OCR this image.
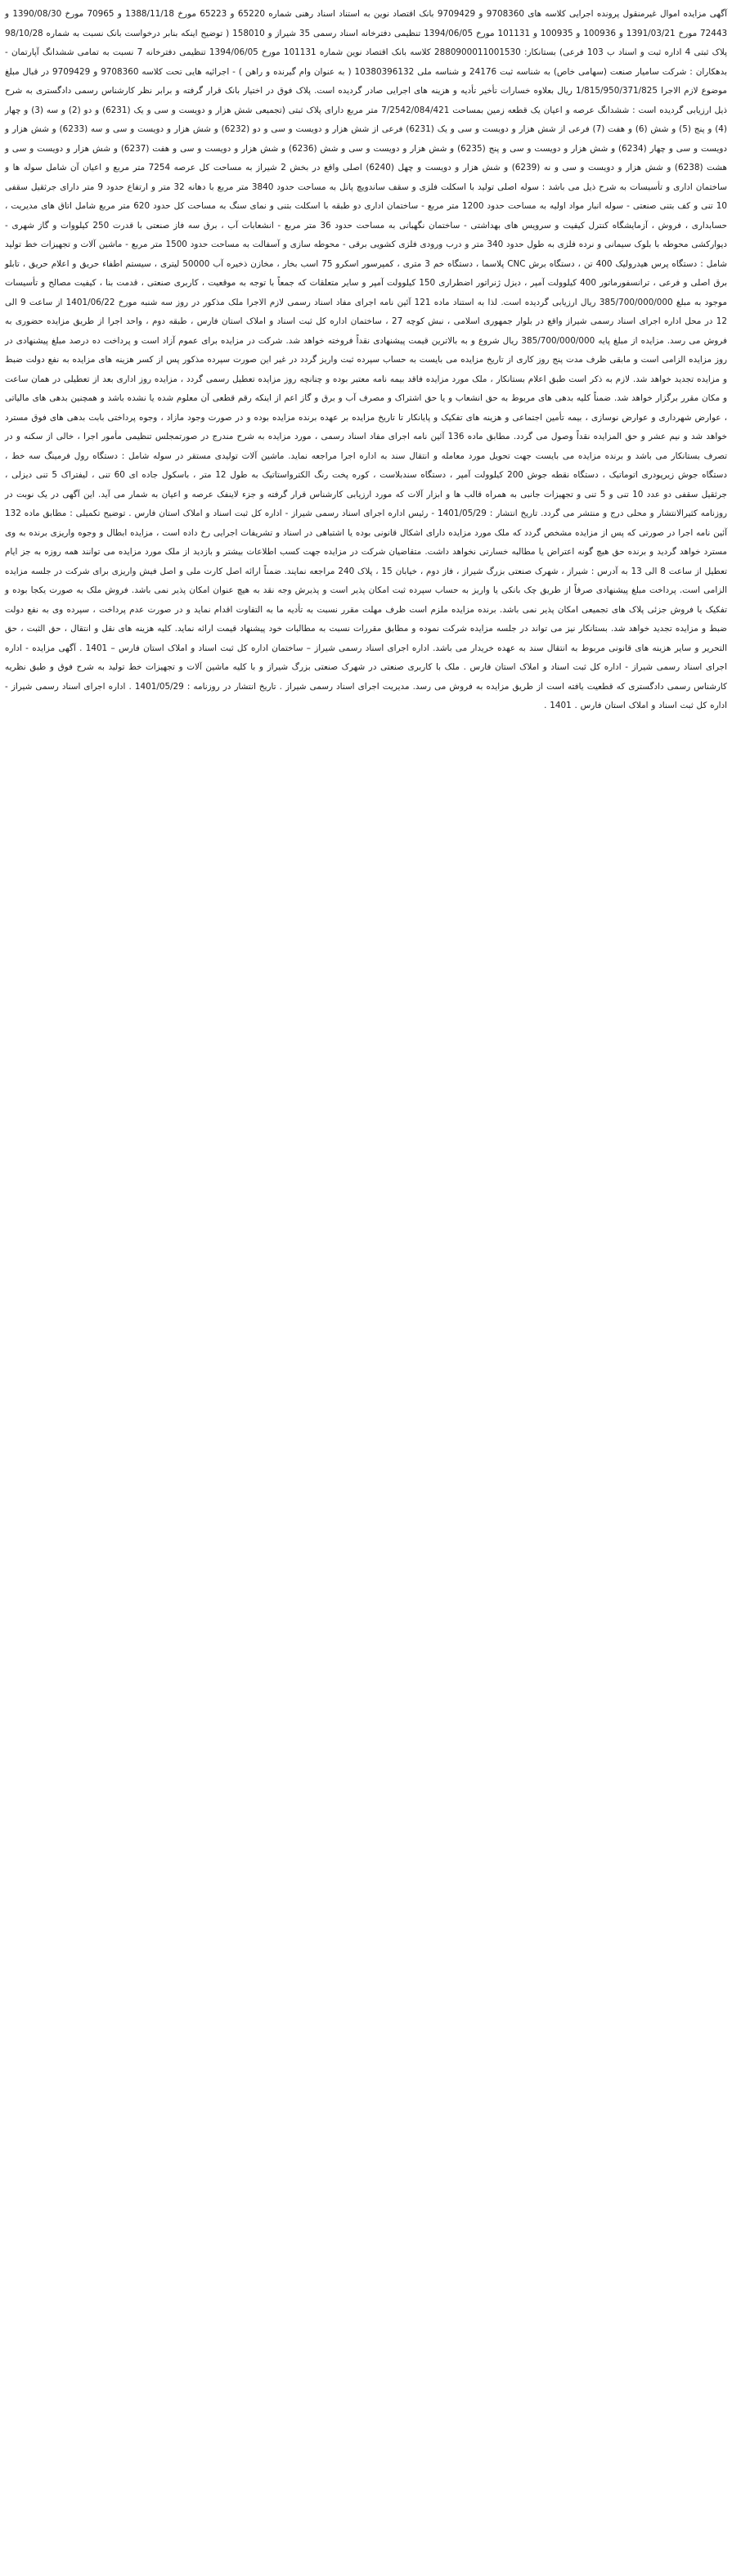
آگهی مزایده اموال غیرمنقول پرونده اجرایی کلاسه های 9708360 و 9709429 بانک اقتصاد نوین به استناد اسناد رهنی شماره 65220 و 65223 مورخ 1388/11/18 و 70965 مورخ 1390/08/30 و 72443 مورخ 1391/03/21 و 100936 و 100935 و 101131 مورخ 1394/06/05 تنظیمی دفترخانه اسناد رسمی 35 شیراز و 158010 ( توضیح اینکه بنابر درخواست بانک نسبت به شماره 98/10/28 پلاک ثبتی 4 اداره ثبت و اسناد ب 103 فرعی) بستانکار: 2880900011001530 کلاسه بانک اقتصاد نوین شماره 101131 مورخ 1394/06/05 تنظیمی دفترخانه 7 نسبت به تمامی ششدانگ آپارتمان - بدهکاران : شرکت سامیار صنعت (سهامی خاص) به شناسه ثبت 24176 و شناسه ملی 10380396132 ( به عنوان وام گیرنده و راهن ) - اجرائیه هایی تحت کلاسه 9708360 و 9709429 در قبال مبلغ موضوع لازم الاجرا 1/815/950/371/825 ریال بعلاوه خسارات تأخیر تأدیه و هزینه های اجرایی صادر گردیده است. پلاک فوق در اختیار بانک قرار گرفته و برابر نظر کارشناس رسمی دادگستری به شرح ذیل ارزیابی گردیده است : ششدانگ عرصه و اعیان یک قطعه زمین بمساحت 7/2542/084/421 متر مربع دارای پلاک ثبتی (تجمیعی شش هزار و دویست و سی و یک (6231) و دو (2) و سه (3) و چهار (4) و پنج (5) و شش (6) و هفت (7) فرعی از شش هزار و دویست و سی و یک (6231) فرعی از شش هزار و دویست و سی و دو (6232) و شش هزار و دویست و سی و سه (6233) و شش هزار و دویست و سی و چهار (6234) و شش هزار و دویست و سی و پنج (6235) و شش هزار و دویست و سی و شش (6236) و شش هزار و دویست و سی و هفت (6237) و شش هزار و دویست و سی و هشت (6238) و شش هزار و دویست و سی و نه (6239) و شش هزار و دویست و چهل (6240) اصلی واقع در بخش 2 شیراز به مساحت کل عرصه 7254 متر مربع و اعیان آن شامل سوله ها و ساختمان اداری و تأسیسات به شرح ذیل می باشد : سوله اصلی تولید با اسکلت فلزی و سقف ساندویچ پانل به مساحت حدود 3840 متر مربع با دهانه 32 متر و ارتفاع حدود 9 متر دارای جرثقیل سقفی 10 تنی و کف بتنی صنعتی - سوله انبار مواد اولیه به مساحت حدود 1200 متر مربع - ساختمان اداری دو طبقه با اسکلت بتنی و نمای سنگ به مساحت کل حدود 620 متر مربع شامل اتاق های مدیریت ، حسابداری ، فروش ، آزمایشگاه کنترل کیفیت و سرویس های بهداشتی - ساختمان نگهبانی به مساحت حدود 36 متر مربع - انشعابات آب ، برق سه فاز صنعتی با قدرت 250 کیلووات و گاز شهری - دیوارکشی محوطه با بلوک سیمانی و نرده فلزی به طول حدود 340 متر و درب ورودی فلزی کشویی برقی - محوطه سازی و آسفالت به مساحت حدود 1500 متر مربع - ماشین آلات و تجهیزات خط تولید شامل : دستگاه پرس هیدرولیک 400 تن ، دستگاه برش CNC پلاسما ، دستگاه خم 3 متری ، کمپرسور اسکرو 75 اسب بخار ، مخازن ذخیره آب 50000 لیتری ، سیستم اطفاء حریق و اعلام حریق ، تابلو برق اصلی و فرعی ، ترانسفورماتور 400 کیلوولت آمپر ، دیزل ژنراتور اضطراری 150 کیلوولت آمپر و سایر متعلقات که جمعاً با توجه به موقعیت ، کاربری صنعتی ، قدمت بنا ، کیفیت مصالح و تأسیسات موجود به مبلغ 385/700/000/000 ریال ارزیابی گردیده است. لذا به استناد ماده 121 آئین نامه اجرای مفاد اسناد رسمی لازم الاجرا ملک مذکور در روز سه شنبه مورخ 1401/06/22 از ساعت 9 الی 12 در محل اداره اجرای اسناد رسمی شیراز واقع در بلوار جمهوری اسلامی ، نبش کوچه 27 ، ساختمان اداره کل ثبت اسناد و املاک استان فارس ، طبقه دوم ، واحد اجرا از طریق مزایده حضوری به فروش می رسد. مزایده از مبلغ پایه 385/700/000/000 ریال شروع و به بالاترین قیمت پیشنهادی نقداً فروخته خواهد شد. شرکت در مزایده برای عموم آزاد است و پرداخت ده درصد مبلغ پیشنهادی در روز مزایده الزامی است و مابقی ظرف مدت پنج روز کاری از تاریخ مزایده می بایست به حساب سپرده ثبت واریز گردد در غیر این صورت سپرده مذکور پس از کسر هزینه های مزایده به نفع دولت ضبط و مزایده تجدید خواهد شد. لازم به ذکر است طبق اعلام بستانکار ، ملک مورد مزایده فاقد بیمه نامه معتبر بوده و چنانچه روز مزایده تعطیل رسمی گردد ، مزایده روز اداری بعد از تعطیلی در همان ساعت و مکان مقرر برگزار خواهد شد. ضمناً کلیه بدهی های مربوط به حق انشعاب و یا حق اشتراک و مصرف آب و برق و گاز اعم از اینکه رقم قطعی آن معلوم شده یا نشده باشد و همچنین بدهی های مالیاتی ، عوارض شهرداری و عوارض نوسازی ، بیمه تأمین اجتماعی و هزینه های تفکیک و پایانکار تا تاریخ مزایده بر عهده برنده مزایده بوده و در صورت وجود مازاد ، وجوه پرداختی بابت بدهی های فوق مسترد خواهد شد و نیم عشر و حق المزایده نقداً وصول می گردد. مطابق ماده 136 آئین نامه اجرای مفاد اسناد رسمی ، مورد مزایده به شرح مندرج در صورتمجلس تنظیمی مأمور اجرا ، خالی از سکنه و در تصرف بستانکار می باشد و برنده مزایده می بایست جهت تحویل مورد معامله و انتقال سند به اداره اجرا مراجعه نماید. ماشین آلات تولیدی مستقر در سوله شامل : دستگاه رول فرمینگ سه خط ، دستگاه جوش زیرپودری اتوماتیک ، دستگاه نقطه جوش 200 کیلوولت آمپر ، دستگاه سندبلاست ، کوره پخت رنگ الکترواستاتیک به طول 12 متر ، باسکول جاده ای 60 تنی ، لیفتراک 5 تنی دیزلی ، جرثقیل سقفی دو عدد 10 تنی و 5 تنی و تجهیزات جانبی به همراه قالب ها و ابزار آلات که مورد ارزیابی کارشناس قرار گرفته و جزء لاینفک عرصه و اعیان به شمار می آید. این آگهی در یک نوبت در روزنامه کثیرالانتشار و محلی درج و منتشر می گردد. تاریخ انتشار : 1401/05/29 - رئیس اداره اجرای اسناد رسمی شیراز - اداره کل ثبت اسناد و املاک استان فارس . توضیح تکمیلی : مطابق ماده 132 آئین نامه اجرا در صورتی که پس از مزایده مشخص گردد که ملک مورد مزایده دارای اشکال قانونی بوده یا اشتباهی در اسناد و تشریفات اجرایی رخ داده است ، مزایده ابطال و وجوه واریزی برنده به وی مسترد خواهد گردید و برنده حق هیچ گونه اعتراض یا مطالبه خسارتی نخواهد داشت. متقاضیان شرکت در مزایده جهت کسب اطلاعات بیشتر و بازدید از ملک مورد مزایده می توانند همه روزه به جز ایام تعطیل از ساعت 8 الی 13 به آدرس : شیراز ، شهرک صنعتی بزرگ شیراز ، فاز دوم ، خیابان 15 ، پلاک 240 مراجعه نمایند. ضمناً ارائه اصل کارت ملی و اصل فیش واریزی برای شرکت در جلسه مزایده الزامی است. پرداخت مبلغ پیشنهادی صرفاً از طریق چک بانکی یا واریز به حساب سپرده ثبت امکان پذیر است و پذیرش وجه نقد به هیچ عنوان امکان پذیر نمی باشد. فروش ملک به صورت یکجا بوده و تفکیک یا فروش جزئی پلاک های تجمیعی امکان پذیر نمی باشد. برنده مزایده ملزم است ظرف مهلت مقرر نسبت به تأدیه ما به التفاوت اقدام نماید و در صورت عدم پرداخت ، سپرده وی به نفع دولت ضبط و مزایده تجدید خواهد شد. بستانکار نیز می تواند در جلسه مزایده شرکت نموده و مطابق مقررات نسبت به مطالبات خود پیشنهاد قیمت ارائه نماید. کلیه هزینه های نقل و انتقال ، حق الثبت ، حق التحریر و سایر هزینه های قانونی مربوط به انتقال سند به عهده خریدار می باشد. اداره اجرای اسناد رسمی شیراز – ساختمان اداره کل ثبت اسناد و املاک استان فارس – 1401 . آگهی مزایده - اداره اجرای اسناد رسمی شیراز - اداره کل ثبت اسناد و املاک استان فارس . ملک با کاربری صنعتی در شهرک صنعتی بزرگ شیراز و با کلیه ماشین آلات و تجهیزات خط تولید به شرح فوق و طبق نظریه کارشناس رسمی دادگستری که قطعیت یافته است از طریق مزایده به فروش می رسد. مدیریت اجرای اسناد رسمی شیراز . تاریخ انتشار در روزنامه : 1401/05/29 . اداره اجرای اسناد رسمی شیراز - اداره کل ثبت اسناد و املاک استان فارس . 1401 .
